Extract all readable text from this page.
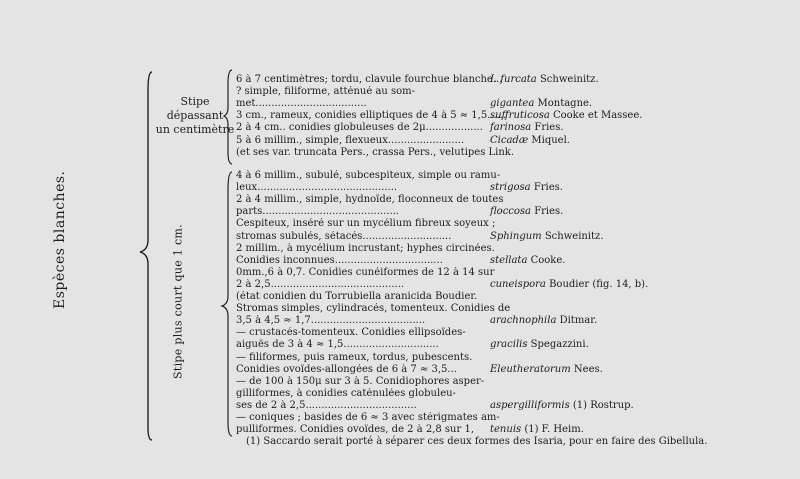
Espèces blanches.
Stipe
dépassant
un centimètre
Stipe plus court que 1 cm.
6 à 7 centimètres; tordu, clavule fourchue blanche...
I. furcata Schweinitz.
? simple, filiforme, atténué au som-
met...................................	gigantea Montagne.
3 cm., rameux, conidies elliptiques de 4 à 5 ≈ 1,5......
suffruticosa Cooke et Massee.
2 à 4 cm.. conidies globuleuses de 2μ.................. farinosa Fries.
5 à 6 millim., simple, flexueux........................	Cicadæ Miquel.
(et ses var. truncata Pers., crassa Pers., velutipes Link.
4 à 6 millim., subulé, subcespiteux, simple ou ramu-
leux............................................	strigosa Fries.
2 à 4 millim., simple, hydnoïde, floconneux de toutes
parts...........................................	floccosa Fries.
Cespiteux, inséré sur un mycélium fibreux soyeux ;
stromas subulés, sétacés............................	Sphingum Schweinitz.
2 millim., à mycélium incrustant; hyphes circinées.
Conidies inconnues..................................	stellata Cooke.
0mm.,6 à 0,7. Conidies cunéiformes de 12 à 14 sur
2 à 2,5..........................................	cuneispora Boudier (fig. 14, b).
(état conidien du Torrubiella aranicida Boudier.
Stromas simples, cylindracés, tomenteux. Conidies de
3,5 à 4,5 ≈ 1,7....................................	arachnophila Ditmar.
— crustacés-tomenteux. Conidies ellipsoïdes-
aiguës de 3 à 4 ≈ 1,5..............................	gracilis Spegazzini.
— filiformes, puis rameux, tordus, pubescents.
Conidies ovoïdes-allongées de 6 à 7 ≈ 3,5...	Eleutheratorum Nees.
— de 100 à 150μ sur 3 à 5. Conidiophores asper-
gilliformes, à conidies caténulées globuleu-
ses de 2 à 2,5...................................	aspergilliformis (1) Rostrup.
— coniques ; basides de 6 ≈ 3 avec stérigmates am-
pulliformes. Conidies ovoïdes, de 2 à 2,8 sur 1,	tenuis (1) F. Heim.
(1) Saccardo serait porté à séparer ces deux formes des Isaria, pour en faire des Gibellula.
